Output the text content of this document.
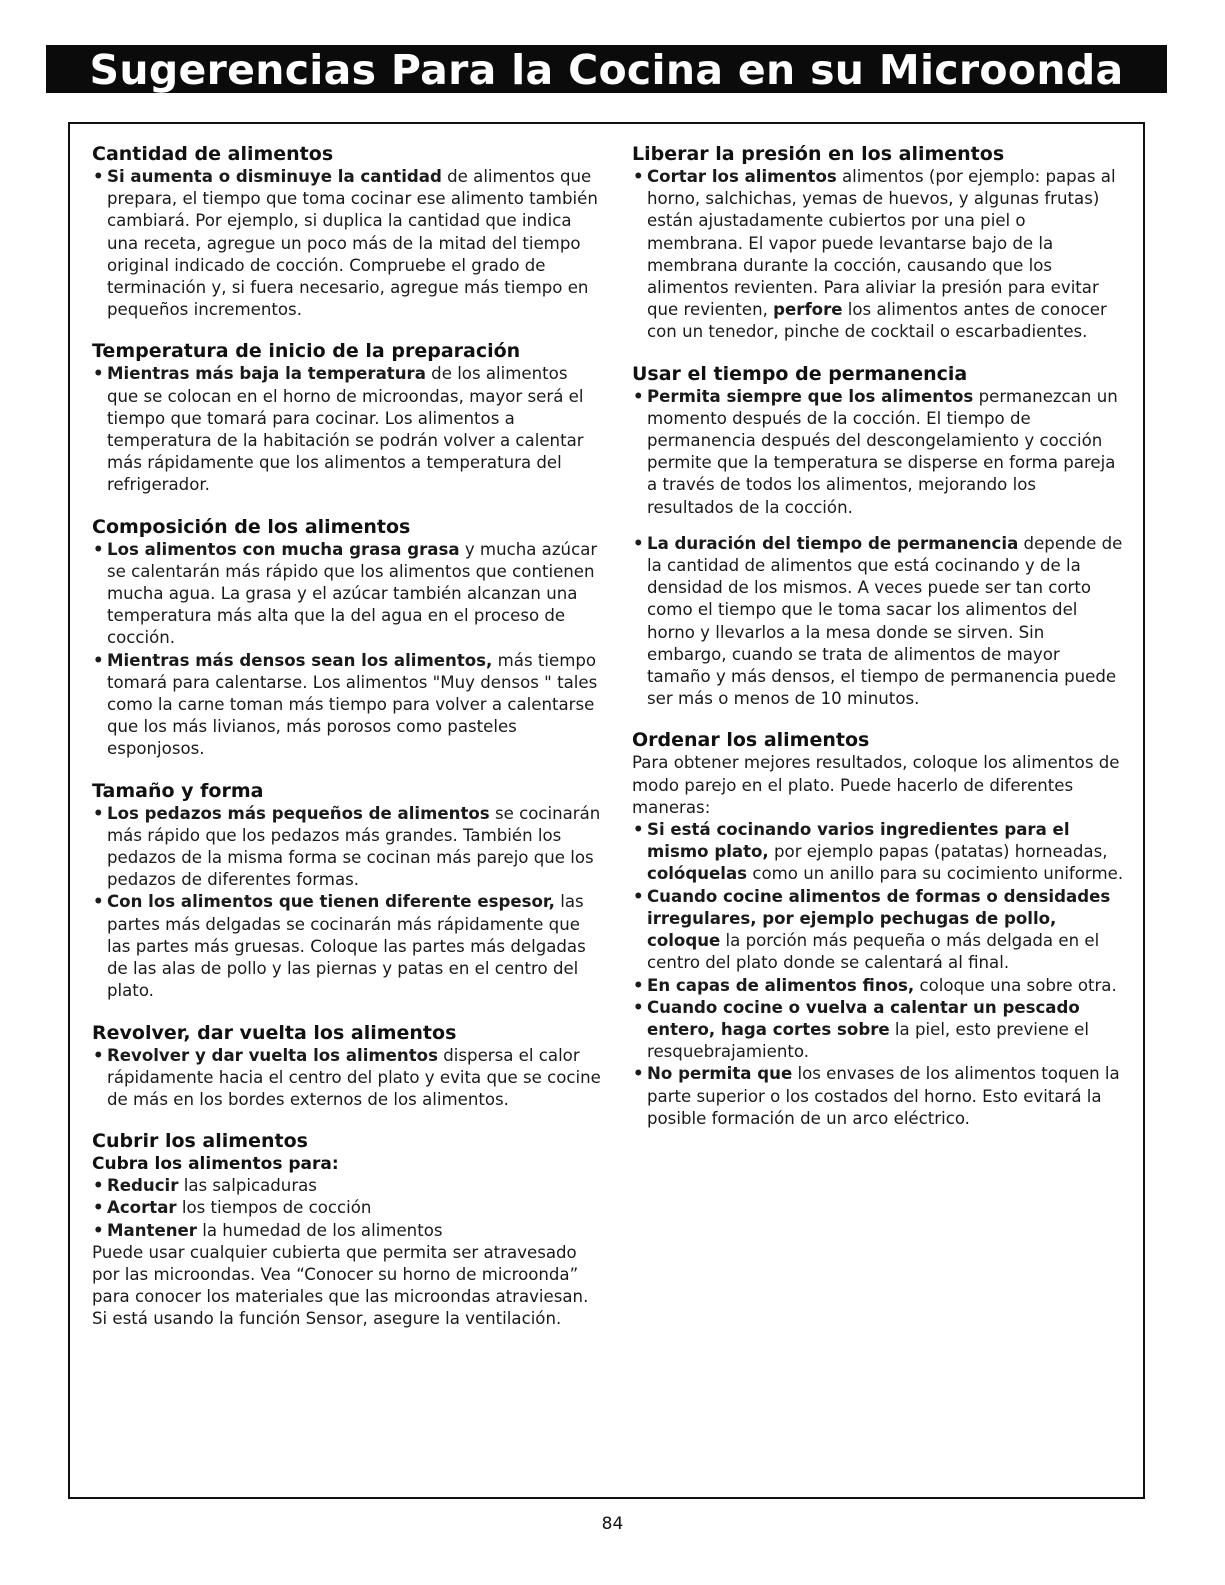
Sugerencias Para la Cocina en su Microonda
Cantidad de alimentos
• Si aumenta o disminuye la cantidad de alimentos que prepara, el tiempo que toma cocinar ese alimento también cambiará. Por ejemplo, si duplica la cantidad que indica una receta, agregue un poco más de la mitad del tiempo original indicado de cocción. Compruebe el grado de terminación y, si fuera necesario, agregue más tiempo en pequeños incrementos.
Temperatura de inicio de la preparación
• Mientras más baja la temperatura de los alimentos que se colocan en el horno de microondas, mayor será el tiempo que tomará para cocinar. Los alimentos a temperatura de la habitación se podrán volver a calentar más rápidamente que los alimentos a temperatura del refrigerador.
Composición de los alimentos
• Los alimentos con mucha grasa grasa y mucha azúcar se calentarán más rápido que los alimentos que contienen mucha agua. La grasa y el azúcar también alcanzan una temperatura más alta que la del agua en el proceso de cocción.
• Mientras más densos sean los alimentos, más tiempo tomará para calentarse. Los alimentos "Muy densos " tales como la carne toman más tiempo para volver a calentarse que los más livianos, más porosos como pasteles esponjosos.
Tamaño y forma
• Los pedazos más pequeños de alimentos se cocinarán más rápido que los pedazos más grandes. También los pedazos de la misma forma se cocinan más parejo que los pedazos de diferentes formas.
• Con los alimentos que tienen diferente espesor, las partes más delgadas se cocinarán más rápidamente que las partes más gruesas. Coloque las partes más delgadas de las alas de pollo y las piernas y patas en el centro del plato.
Revolver, dar vuelta los alimentos
• Revolver y dar vuelta los alimentos dispersa el calor rápidamente hacia el centro del plato y evita que se cocine de más en los bordes externos de los alimentos.
Cubrir los alimentos
Cubra los alimentos para:
• Reducir las salpicaduras
• Acortar los tiempos de cocción
• Mantener la humedad de los alimentos
Puede usar cualquier cubierta que permita ser atravesado por las microondas. Vea “Conocer su horno de microonda” para conocer los materiales que las microondas atraviesan. Si está usando la función Sensor, asegure la ventilación.
Liberar la presión en los alimentos
• Cortar los alimentos alimentos (por ejemplo: papas al horno, salchichas, yemas de huevos, y algunas frutas) están ajustadamente cubiertos por una piel o membrana. El vapor puede levantarse bajo de la membrana durante la cocción, causando que los alimentos revienten. Para aliviar la presión para evitar que revienten, perfore los alimentos antes de conocer con un tenedor, pinche de cocktail o escarbadientes.
Usar el tiempo de permanencia
• Permita siempre que los alimentos permanezcan un momento después de la cocción. El tiempo de permanencia después del descongelamiento y cocción permite que la temperatura se disperse en forma pareja a través de todos los alimentos, mejorando los resultados de la cocción.
• La duración del tiempo de permanencia depende de la cantidad de alimentos que está cocinando y de la densidad de los mismos. A veces puede ser tan corto como el tiempo que le toma sacar los alimentos del horno y llevarlos a la mesa donde se sirven. Sin embargo, cuando se trata de alimentos de mayor tamaño y más densos, el tiempo de permanencia puede ser más o menos de 10 minutos.
Ordenar los alimentos
Para obtener mejores resultados, coloque los alimentos de modo parejo en el plato. Puede hacerlo de diferentes maneras:
• Si está cocinando varios ingredientes para el mismo plato, por ejemplo papas (patatas) horneadas, colóquelas como un anillo para su cocimiento uniforme.
• Cuando cocine alimentos de formas o densidades irregulares, por ejemplo pechugas de pollo, coloque la porción más pequeña o más delgada en el centro del plato donde se calentará al final.
• En capas de alimentos finos, coloque una sobre otra.
• Cuando cocine o vuelva a calentar un pescado entero, haga cortes sobre la piel, esto previene el resquebrajamiento.
• No permita que los envases de los alimentos toquen la parte superior o los costados del horno. Esto evitará la posible formación de un arco eléctrico.
84
